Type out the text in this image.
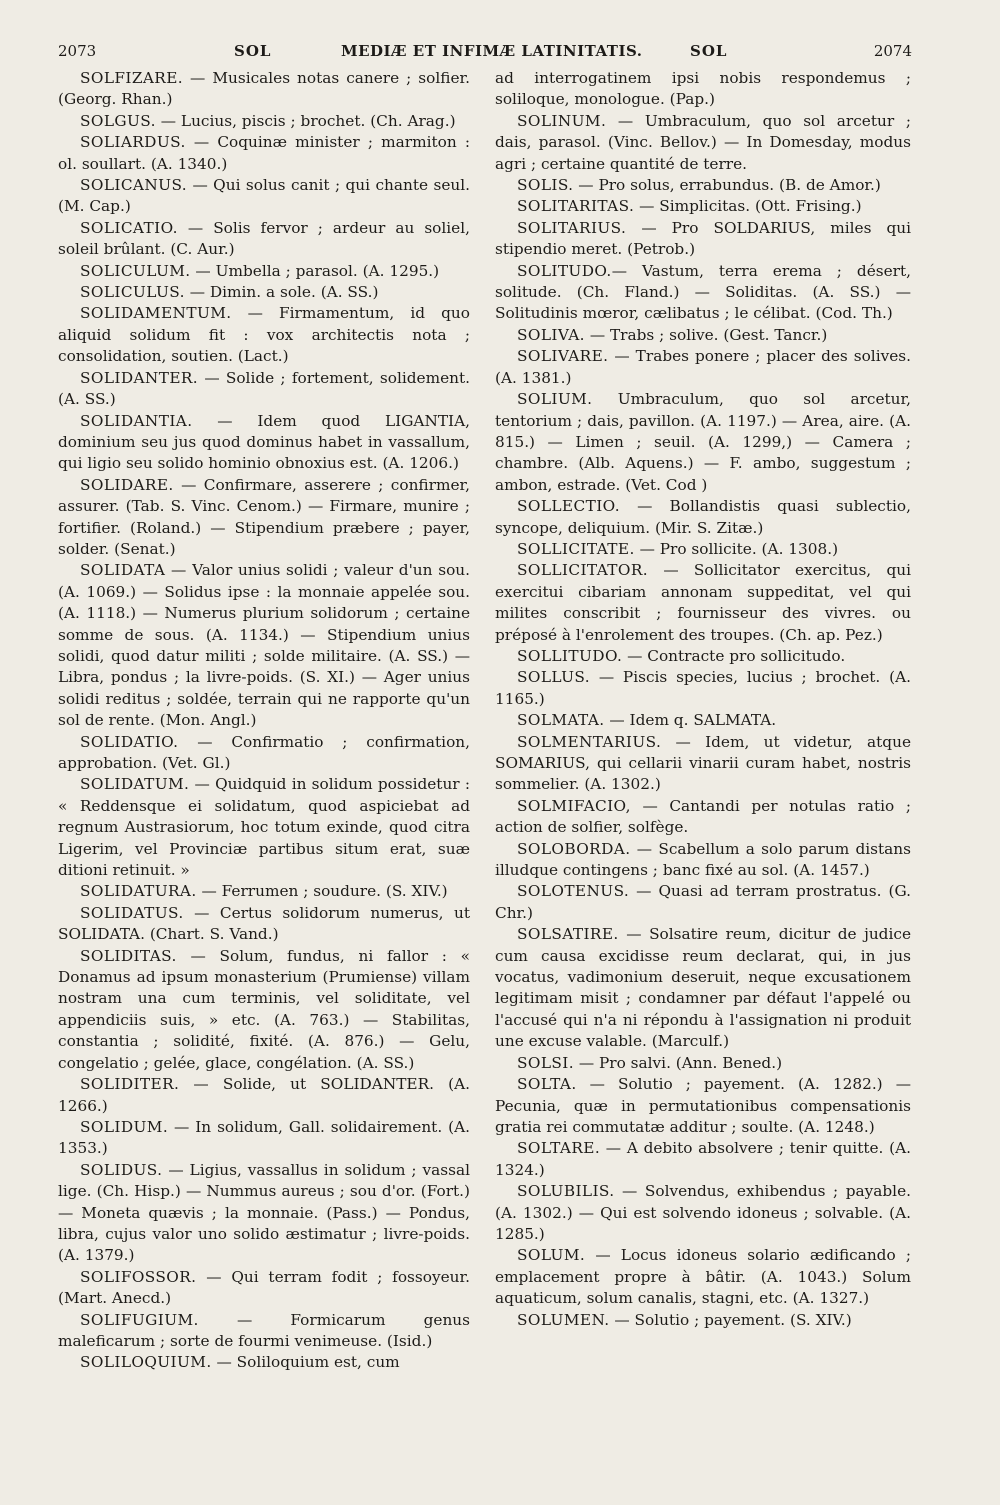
2073	SOL	MEDIÆ ET INFIMÆ LATINITATIS.	SOL	2074

SOLFIZARE. — Musicales notas canere ; solfier. (Georg. Rhan.)

SOLGUS. — Lucius, piscis ; brochet. (Ch. Arag.)

SOLIARDUS. — Coquinæ minister ; marmiton : ol. soullart. (A. 1340.)

SOLICANUS. — Qui solus canit ; qui chante seul. (M. Cap.)

SOLICATIO. — Solis fervor ; ardeur au soliel, soleil brûlant. (C. Aur.)

SOLICULUM. — Umbella ; parasol. (A. 1295.)

SOLICULUS. — Dimin. a sole. (A. SS.)

SOLIDAMENTUM. — Firmamentum, id quo aliquid solidum fit : vox architectis nota ; consolidation, soutien. (Lact.)

SOLIDANTER. — Solide ; fortement, solidement. (A. SS.)

SOLIDANTIA. — Idem quod LIGANTIA, dominium seu jus quod dominus habet in vassallum, qui ligio seu solido hominio obnoxius est. (A. 1206.)

SOLIDARE. — Confirmare, asserere ; confirmer, assurer. (Tab. S. Vinc. Cenom.) — Firmare, munire ; fortifier. (Roland.) — Stipendium præbere ; payer, solder. (Senat.)

SOLIDATA — Valor unius solidi ; valeur d'un sou. (A. 1069.) — Solidus ipse : la monnaie appelée sou. (A. 1118.) — Numerus plurium solidorum ; certaine somme de sous. (A. 1134.) — Stipendium unius solidi, quod datur militi ; solde militaire. (A. SS.) — Libra, pondus ; la livre-poids. (S. XI.) — Ager unius solidi reditus ; soldée, terrain qui ne rapporte qu'un sol de rente. (Mon. Angl.)

SOLIDATIO. — Confirmatio ; confirmation, approbation. (Vet. Gl.)

SOLIDATUM. — Quidquid in solidum possidetur : « Reddensque ei solidatum, quod aspiciebat ad regnum Austrasiorum, hoc totum exinde, quod citra Ligerim, vel Provinciæ partibus situm erat, suæ ditioni retinuit. »

SOLIDATURA. — Ferrumen ; soudure. (S. XIV.)

SOLIDATUS. — Certus solidorum numerus, ut SOLIDATA. (Chart. S. Vand.)

SOLIDITAS. — Solum, fundus, ni fallor : « Donamus ad ipsum monasterium (Prumiense) villam nostram una cum terminis, vel soliditate, vel appendiciis suis, » etc. (A. 763.) — Stabilitas, constantia ; solidité, fixité. (A. 876.) — Gelu, congelatio ; gelée, glace, congélation. (A. SS.)

SOLIDITER. — Solide, ut SOLIDANTER. (A. 1266.)

SOLIDUM. — In solidum, Gall. solidairement. (A. 1353.)

SOLIDUS. — Ligius, vassallus in solidum ; vassal lige. (Ch. Hisp.) — Nummus aureus ; sou d'or. (Fort.) — Moneta quævis ; la monnaie. (Pass.) — Pondus, libra, cujus valor uno solido æstimatur ; livre-poids. (A. 1379.)

SOLIFOSSOR. — Qui terram fodit ; fossoyeur. (Mart. Anecd.)

SOLIFUGIUM. — Formicarum genus maleficarum ; sorte de fourmi venimeuse. (Isid.)

SOLILOQUIUM. — Soliloquium est, cum

ad interrogatinem ipsi nobis respondemus ; soliloque, monologue. (Pap.)

SOLINUM. — Umbraculum, quo sol arcetur ; dais, parasol. (Vinc. Bellov.) — In Domesday, modus agri ; certaine quantité de terre.

SOLIS. — Pro solus, errabundus. (B. de Amor.)

SOLITARITAS. — Simplicitas. (Ott. Frising.)

SOLITARIUS. — Pro SOLDARIUS, miles qui stipendio meret. (Petrob.)

SOLITUDO.— Vastum, terra erema ; désert, solitude. (Ch. Fland.) — Soliditas. (A. SS.) — Solitudinis mœror, cælibatus ; le célibat. (Cod. Th.)

SOLIVA. — Trabs ; solive. (Gest. Tancr.)

SOLIVARE. — Trabes ponere ; placer des solives. (A. 1381.)

SOLIUM. Umbraculum, quo sol arcetur, tentorium ; dais, pavillon. (A. 1197.) — Area, aire. (A. 815.) — Limen ; seuil. (A. 1299,) — Camera ; chambre. (Alb. Aquens.) — F. ambo, suggestum ; ambon, estrade. (Vet. Cod )

SOLLECTIO. — Bollandistis quasi sublectio, syncope, deliquium. (Mir. S. Zitæ.)

SOLLICITATE. — Pro sollicite. (A. 1308.)

SOLLICITATOR. — Sollicitator exercitus, qui exercitui cibariam annonam suppeditat, vel qui milites conscribit ; fournisseur des vivres. ou préposé à l'enrolement des troupes. (Ch. ap. Pez.)

SOLLITUDO. — Contracte pro sollicitudo.

SOLLUS. — Piscis species, lucius ; brochet. (A. 1165.)

SOLMATA. — Idem q. SALMATA.

SOLMENTARIUS. — Idem, ut videtur, atque SOMARIUS, qui cellarii vinarii curam habet, nostris sommelier. (A. 1302.)

SOLMIFACIO, — Cantandi per notulas ratio ; action de solfier, solfège.

SOLOBORDA. — Scabellum a solo parum distans illudque contingens ; banc fixé au sol. (A. 1457.)

SOLOTENUS. — Quasi ad terram prostratus. (G. Chr.)

SOLSATIRE. — Solsatire reum, dicitur de judice cum causa excidisse reum declarat, qui, in jus vocatus, vadimonium deseruit, neque excusationem legitimam misit ; condamner par défaut l'appelé ou l'accusé qui n'a ni répondu à l'assignation ni produit une excuse valable. (Marculf.)

SOLSI. — Pro salvi. (Ann. Bened.)

SOLTA. — Solutio ; payement. (A. 1282.) — Pecunia, quæ in permutationibus compensationis gratia rei commutatæ additur ; soulte. (A. 1248.)

SOLTARE. — A debito absolvere ; tenir quitte. (A. 1324.)

SOLUBILIS. — Solvendus, exhibendus ; payable. (A. 1302.) — Qui est solvendo idoneus ; solvable. (A. 1285.)

SOLUM. — Locus idoneus solario ædificando ; emplacement propre à bâtir. (A. 1043.) Solum aquaticum, solum canalis, stagni, etc. (A. 1327.)

SOLUMEN. — Solutio ; payement. (S. XIV.)
